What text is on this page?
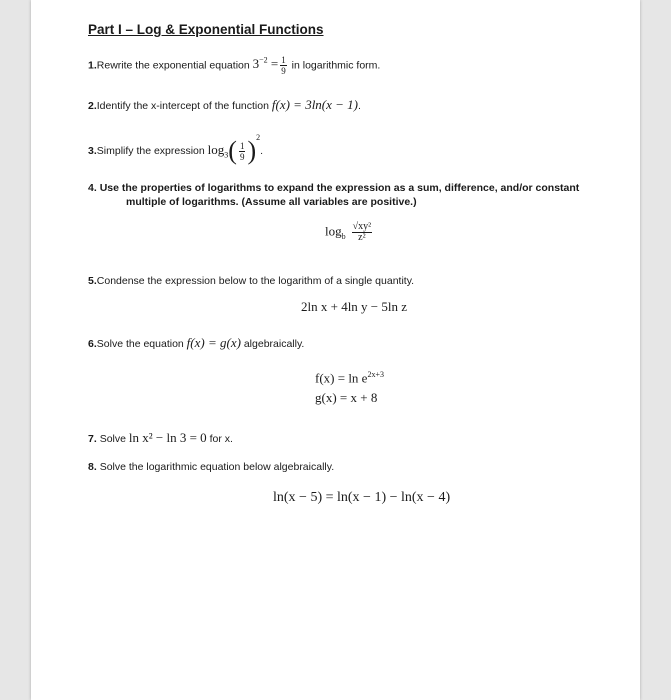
Part I – Log & Exponential Functions
1.Rewrite the exponential equation $3^{-2} = \frac{1}{9}$ in logarithmic form.
2.Identify the x-intercept of the function f(x) = 3ln(x − 1).
3.Simplify the expression $\log_3( \frac{1}{9} )^2$.
4. Use the properties of logarithms to expand the expression as a sum, difference, and/or constant
multiple of logarithms. (Assume all variables are positive.)
$\log_b \frac{\text{√xy²}}{\text{z²}}$
5.Condense the expression below to the logarithm of a single quantity.
2ln x + 4ln y − 5ln z
6.Solve the equation f(x) = g(x) algebraically.
$f(x) = \ln e^{2x+3}$
g(x) = x + 8
7. Solve ln x² − ln 3 = 0 for x.
8. Solve the logarithmic equation below algebraically.
ln(x − 5) = ln(x − 1) − ln(x − 4)
